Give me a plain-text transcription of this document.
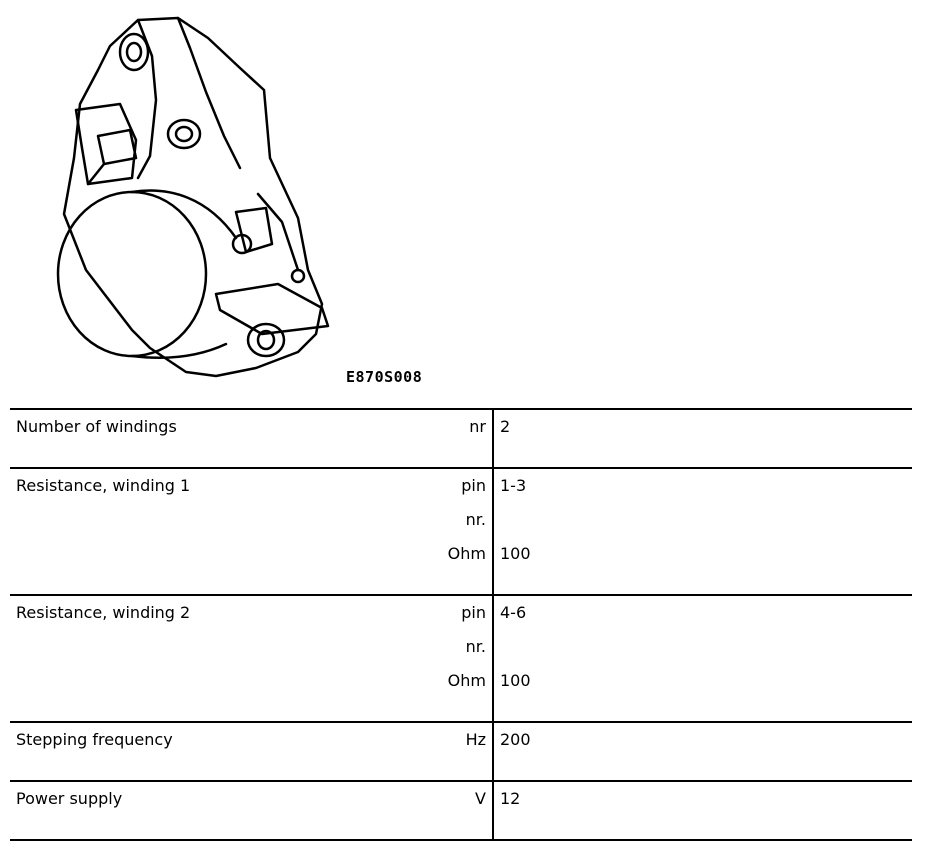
E870S008
Number of windings	nr	2
Resistance, winding 1	pin nr.	1-3
	Ohm	100
Resistance, winding 2	pin nr.	4-6
	Ohm	100
Stepping frequency	Hz	200
Power supply	V	12
